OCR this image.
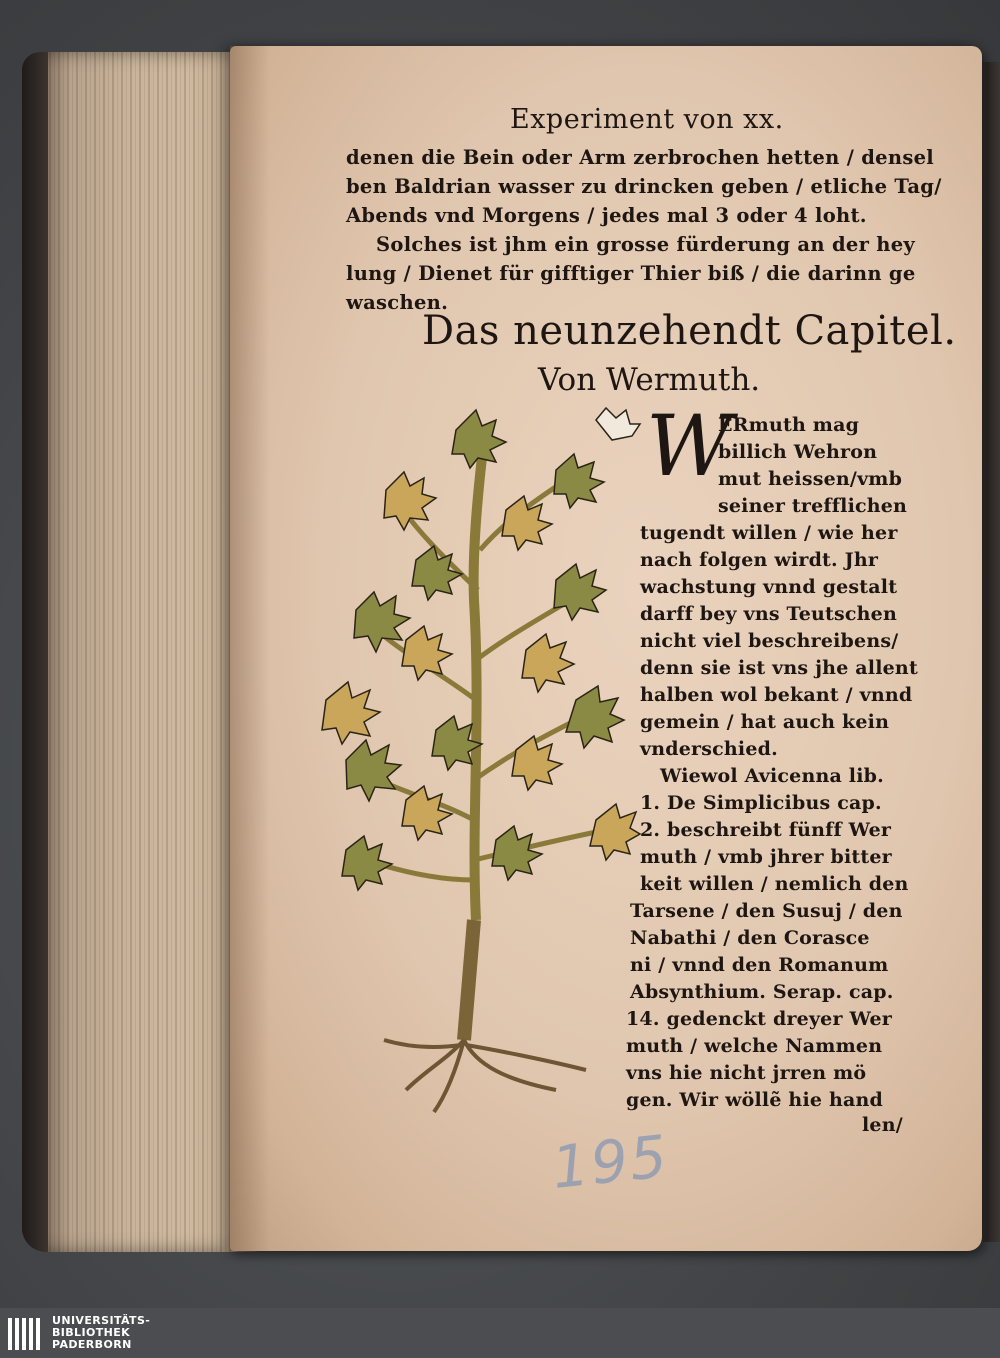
Experiment von xx.
denen die Bein oder Arm zerbrochen hetten / densel
ben Baldrian wasser zu drincken geben / etliche Tag/
Abends vnd Morgens / jedes mal 3 oder 4 loht.
Solches ist jhm ein grosse fürderung an der hey
lung / Dienet für gifftiger Thier biß / die darinn ge
waschen.
Das neunzehendt Capitel.
Von Wermuth.
W
ERmuth mag
billich Wehron
mut heissen/vmb
seiner trefflichen
tugendt willen / wie her
nach folgen wirdt. Jhr
wachstung vnnd gestalt
darff bey vns Teutschen
nicht viel beschreibens/
denn sie ist vns jhe allent
halben wol bekant / vnnd
gemein / hat auch kein
vnderschied.
Wiewol Avicenna lib.
1. De Simplicibus cap.
2. beschreibt fünff Wer
muth / vmb jhrer bitter
keit willen / nemlich den
Tarsene / den Susuj / den
Nabathi / den Corasce
ni / vnnd den Romanum
Absynthium. Serap. cap.
14. gedenckt dreyer Wer
muth / welche Nammen
vns hie nicht jrren mö
gen. Wir wöllẽ hie hand
len/
195
UNIVERSITÄTS-
BIBLIOTHEK
PADERBORN
